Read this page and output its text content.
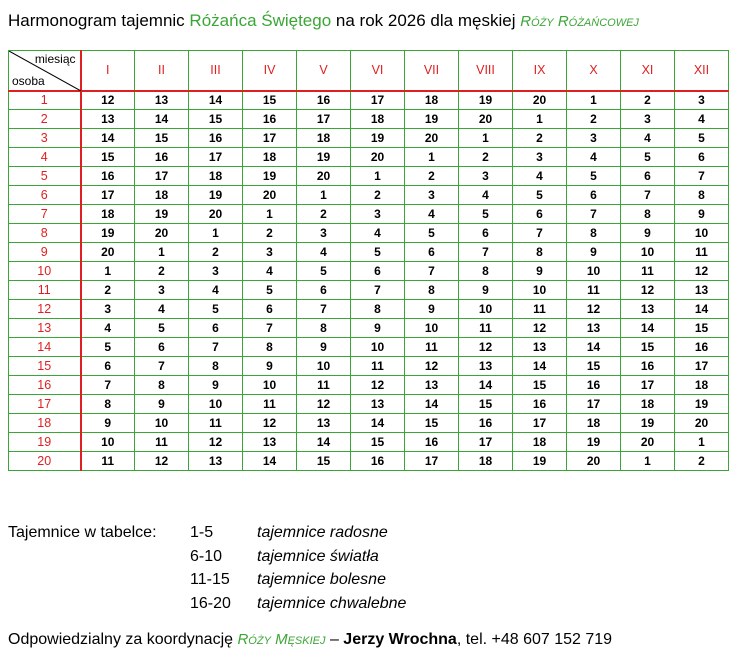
Harmonogram tajemnic Różańca Świętego na rok 2026 dla męskiej Róży Różańcowej
miesiąc
osoba	I	II	III	IV	V	VI	VII	VIII	IX	X	XI	XII
1	12	13	14	15	16	17	18	19	20	1	2	3
2	13	14	15	16	17	18	19	20	1	2	3	4
3	14	15	16	17	18	19	20	1	2	3	4	5
4	15	16	17	18	19	20	1	2	3	4	5	6
5	16	17	18	19	20	1	2	3	4	5	6	7
6	17	18	19	20	1	2	3	4	5	6	7	8
7	18	19	20	1	2	3	4	5	6	7	8	9
8	19	20	1	2	3	4	5	6	7	8	9	10
9	20	1	2	3	4	5	6	7	8	9	10	11
10	1	2	3	4	5	6	7	8	9	10	11	12
11	2	3	4	5	6	7	8	9	10	11	12	13
12	3	4	5	6	7	8	9	10	11	12	13	14
13	4	5	6	7	8	9	10	11	12	13	14	15
14	5	6	7	8	9	10	11	12	13	14	15	16
15	6	7	8	9	10	11	12	13	14	15	16	17
16	7	8	9	10	11	12	13	14	15	16	17	18
17	8	9	10	11	12	13	14	15	16	17	18	19
18	9	10	11	12	13	14	15	16	17	18	19	20
19	10	11	12	13	14	15	16	17	18	19	20	1
20	11	12	13	14	15	16	17	18	19	20	1	2
Tajemnice w tabelce:	1-5	tajemnice radosne
6-10	tajemnice światła
11-15	tajemnice bolesne
16-20	tajemnice chwalebne
Odpowiedzialny za koordynację Róży Męskiej – Jerzy Wrochna, tel. +48 607 152 719
